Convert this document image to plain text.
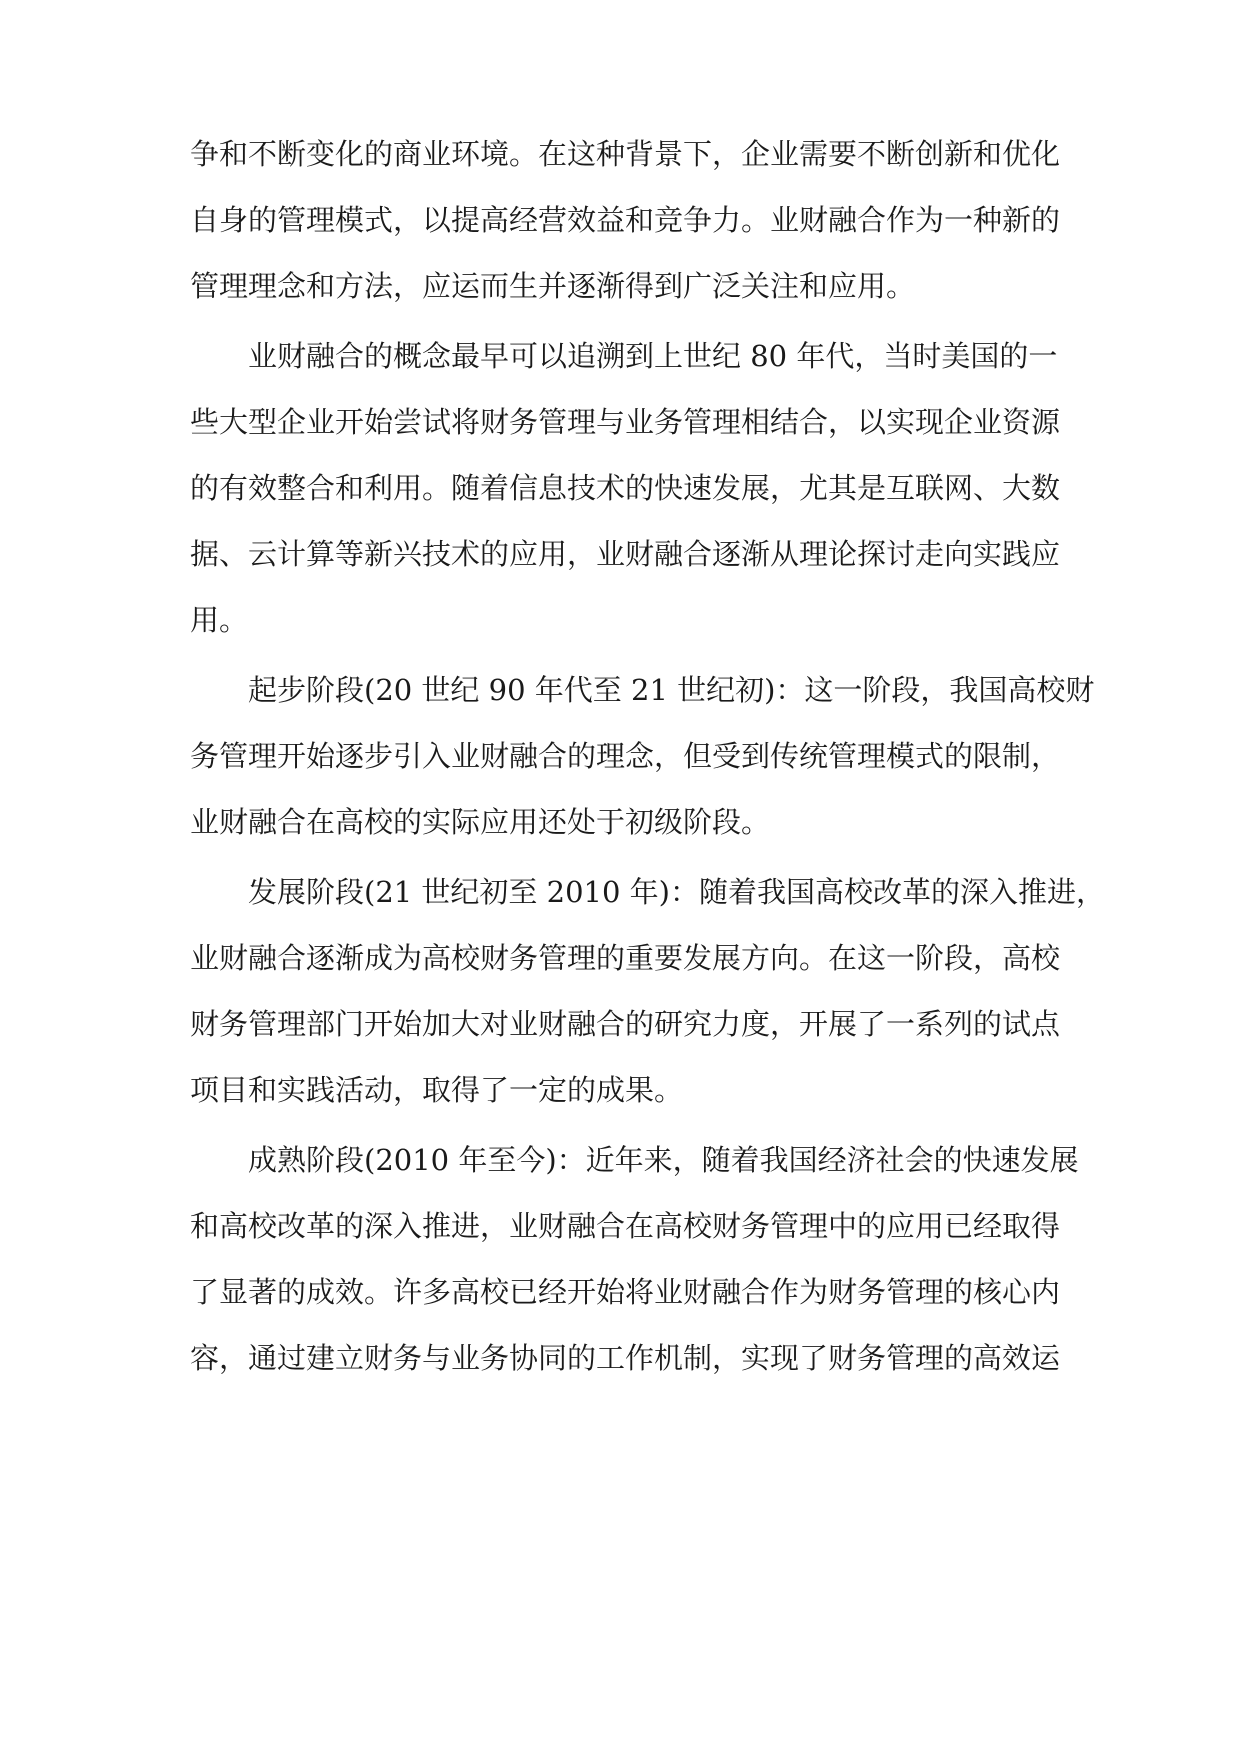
争和不断变化的商业环境。在这种背景下，企业需要不断创新和优化
自身的管理模式，以提高经营效益和竞争力。业财融合作为一种新的
管理理念和方法，应运而生并逐渐得到广泛关注和应用。
业财融合的概念最早可以追溯到上世纪 80 年代，当时美国的一
些大型企业开始尝试将财务管理与业务管理相结合，以实现企业资源
的有效整合和利用。随着信息技术的快速发展，尤其是互联网、大数
据、云计算等新兴技术的应用，业财融合逐渐从理论探讨走向实践应
用。
起步阶段(20 世纪 90 年代至 21 世纪初)：这一阶段，我国高校财
务管理开始逐步引入业财融合的理念，但受到传统管理模式的限制，
业财融合在高校的实际应用还处于初级阶段。
发展阶段(21 世纪初至 2010 年)：随着我国高校改革的深入推进，
业财融合逐渐成为高校财务管理的重要发展方向。在这一阶段，高校
财务管理部门开始加大对业财融合的研究力度，开展了一系列的试点
项目和实践活动，取得了一定的成果。
成熟阶段(2010 年至今)：近年来，随着我国经济社会的快速发展
和高校改革的深入推进，业财融合在高校财务管理中的应用已经取得
了显著的成效。许多高校已经开始将业财融合作为财务管理的核心内
容，通过建立财务与业务协同的工作机制，实现了财务管理的高效运
